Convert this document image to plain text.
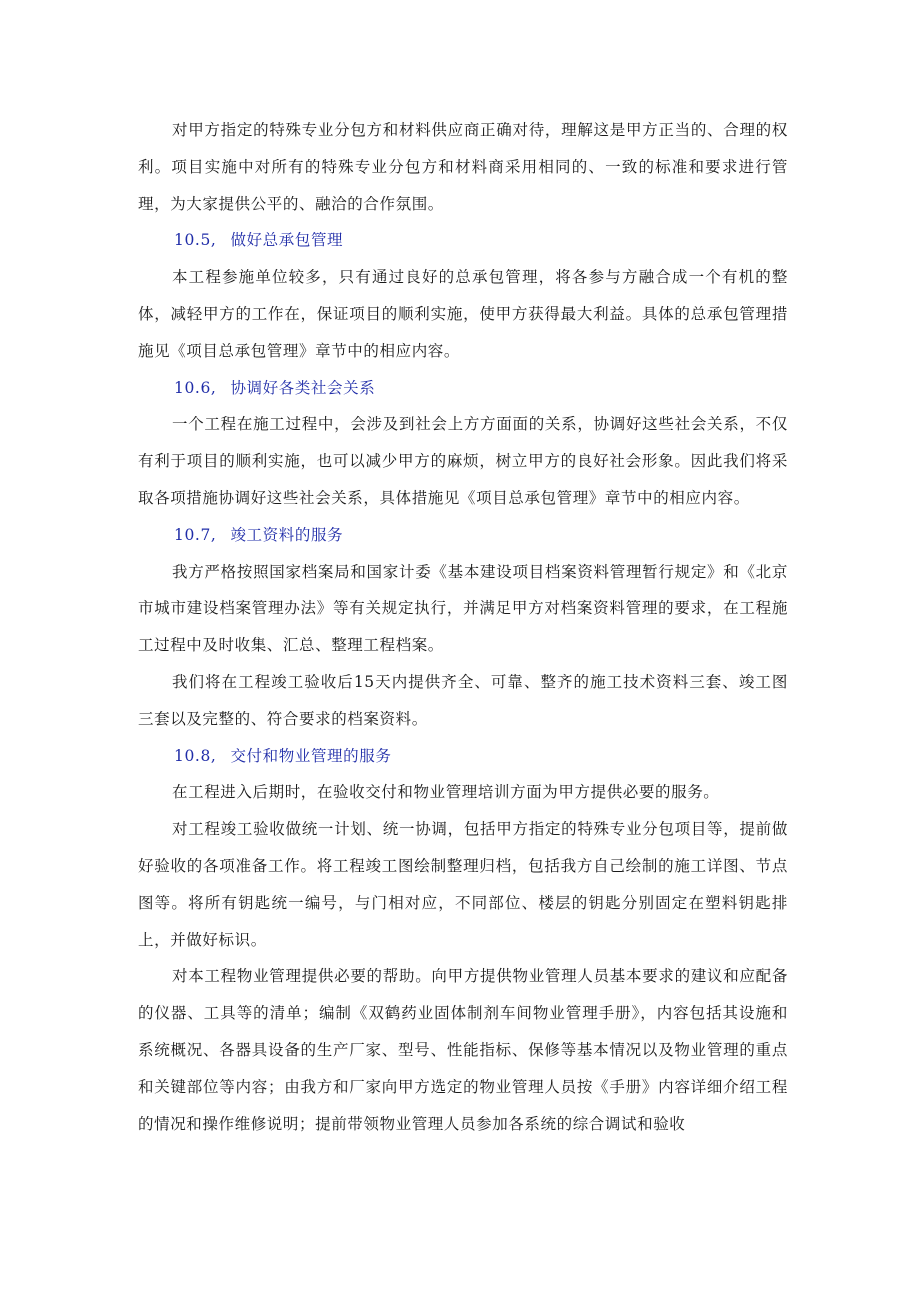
对甲方指定的特殊专业分包方和材料供应商正确对待，理解这是甲方正当的、合理的权利。项目实施中对所有的特殊专业分包方和材料商采用相同的、一致的标准和要求进行管理，为大家提供公平的、融洽的合作氛围。

10.5, 做好总承包管理

本工程参施单位较多，只有通过良好的总承包管理，将各参与方融合成一个有机的整体，减轻甲方的工作在，保证项目的顺利实施，使甲方获得最大利益。具体的总承包管理措施见《项目总承包管理》章节中的相应内容。

10.6, 协调好各类社会关系

一个工程在施工过程中，会涉及到社会上方方面面的关系，协调好这些社会关系，不仅有利于项目的顺利实施，也可以减少甲方的麻烦，树立甲方的良好社会形象。因此我们将采取各项措施协调好这些社会关系，具体措施见《项目总承包管理》章节中的相应内容。

10.7, 竣工资料的服务

我方严格按照国家档案局和国家计委《基本建设项目档案资料管理暂行规定》和《北京市城市建设档案管理办法》等有关规定执行，并满足甲方对档案资料管理的要求，在工程施工过程中及时收集、汇总、整理工程档案。

我们将在工程竣工验收后15天内提供齐全、可靠、整齐的施工技术资料三套、竣工图三套以及完整的、符合要求的档案资料。

10.8, 交付和物业管理的服务

在工程进入后期时，在验收交付和物业管理培训方面为甲方提供必要的服务。

对工程竣工验收做统一计划、统一协调，包括甲方指定的特殊专业分包项目等，提前做好验收的各项准备工作。将工程竣工图绘制整理归档，包括我方自己绘制的施工详图、节点图等。将所有钥匙统一编号，与门相对应，不同部位、楼层的钥匙分别固定在塑料钥匙排上，并做好标识。

对本工程物业管理提供必要的帮助。向甲方提供物业管理人员基本要求的建议和应配备的仪器、工具等的清单；编制《双鹤药业固体制剂车间物业管理手册》，内容包括其设施和系统概况、各器具设备的生产厂家、型号、性能指标、保修等基本情况以及物业管理的重点和关键部位等内容；由我方和厂家向甲方选定的物业管理人员按《手册》内容详细介绍工程的情况和操作维修说明；提前带领物业管理人员参加各系统的综合调试和验收
